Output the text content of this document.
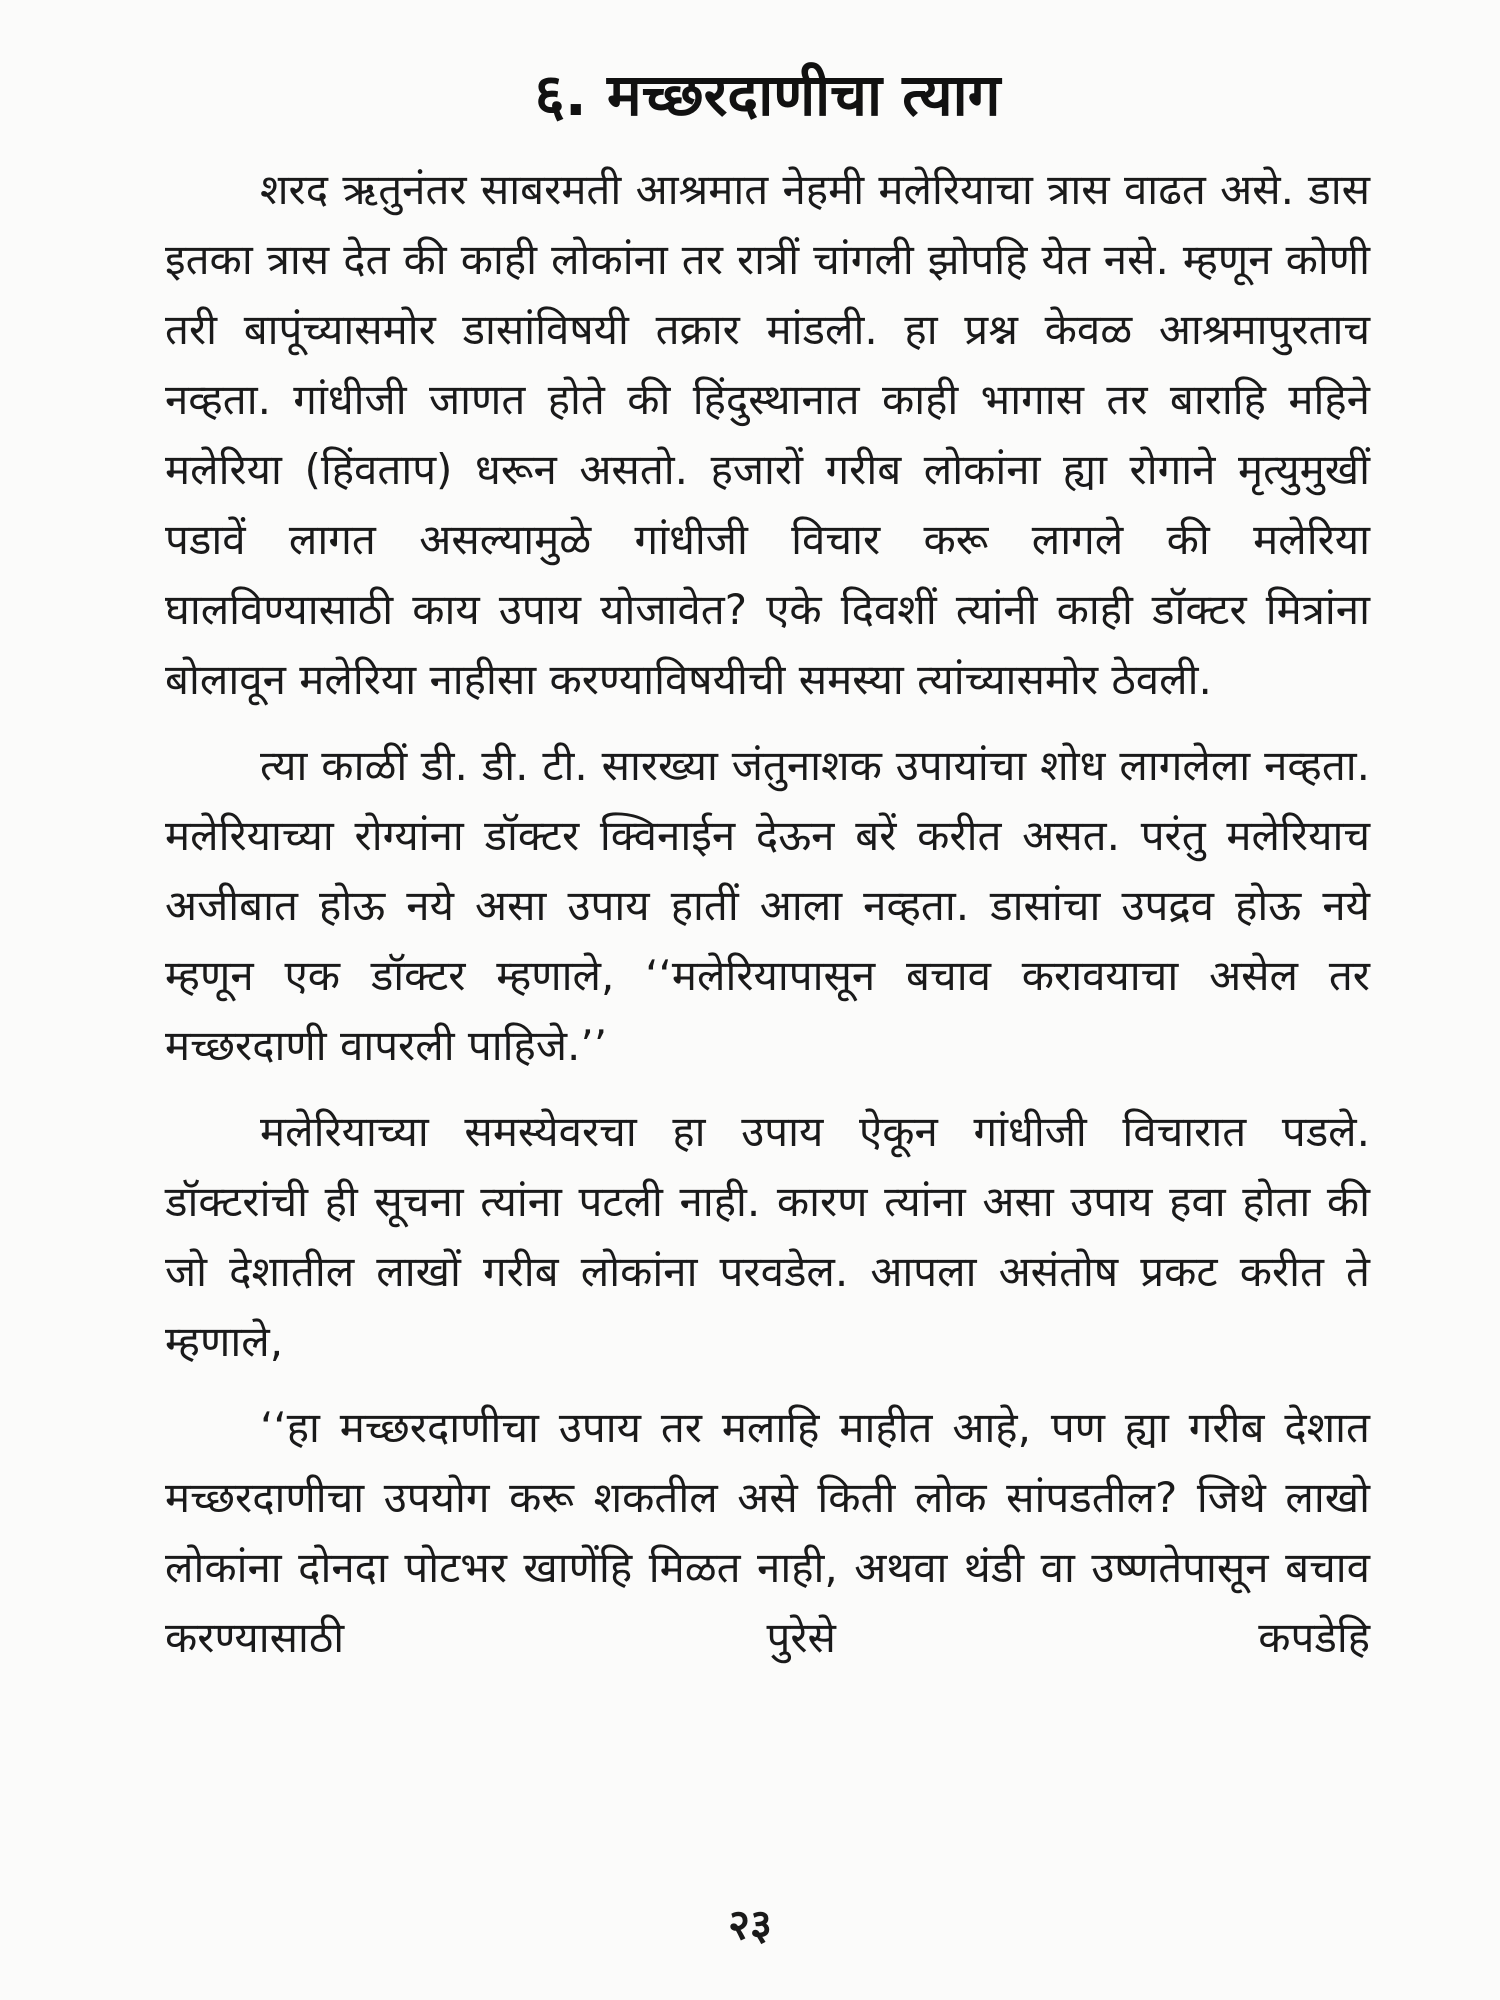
६. मच्छरदाणीचा त्याग

शरद ऋतुनंतर साबरमती आश्रमात नेहमी मलेरियाचा त्रास वाढत असे. डास इतका त्रास देत की काही लोकांना तर रात्रीं चांगली झोपहि येत नसे. म्हणून कोणी तरी बापूंच्यासमोर डासांविषयी तक्रार मांडली. हा प्रश्न केवळ आश्रमापुरताच नव्हता. गांधीजी जाणत होते की हिंदुस्थानात काही भागास तर बाराहि महिने मलेरिया (हिंवताप) धरून असतो. हजारों गरीब लोकांना ह्या रोगाने मृत्युमुखीं पडावें लागत असल्यामुळे गांधीजी विचार करू लागले की मलेरिया घालविण्यासाठी काय उपाय योजावेत? एके दिवशीं त्यांनी काही डॉक्टर मित्रांना बोलावून मलेरिया नाहीसा करण्याविषयीची समस्या त्यांच्यासमोर ठेवली.

त्या काळीं डी. डी. टी. सारख्या जंतुनाशक उपायांचा शोध लागलेला नव्हता. मलेरियाच्या रोग्यांना डॉक्टर क्विनाईन देऊन बरें करीत असत. परंतु मलेरियाच अजीबात होऊ नये असा उपाय हातीं आला नव्हता. डासांचा उपद्रव होऊ नये म्हणून एक डॉक्टर म्हणाले, ‘‘मलेरियापासून बचाव करावयाचा असेल तर मच्छरदाणी वापरली पाहिजे.’’

मलेरियाच्या समस्येवरचा हा उपाय ऐकून गांधीजी विचारात पडले. डॉक्टरांची ही सूचना त्यांना पटली नाही. कारण त्यांना असा उपाय हवा होता की जो देशातील लाखों गरीब लोकांना परवडेल. आपला असंतोष प्रकट करीत ते म्हणाले,

‘‘हा मच्छरदाणीचा उपाय तर मलाहि माहीत आहे, पण ह्या गरीब देशात मच्छरदाणीचा उपयोग करू शकतील असे किती लोक सांपडतील? जिथे लाखो लोकांना दोनदा पोटभर खाणेंहि मिळत नाही, अथवा थंडी वा उष्णतेपासून बचाव करण्यासाठी पुरेसे कपडेहि

२३
